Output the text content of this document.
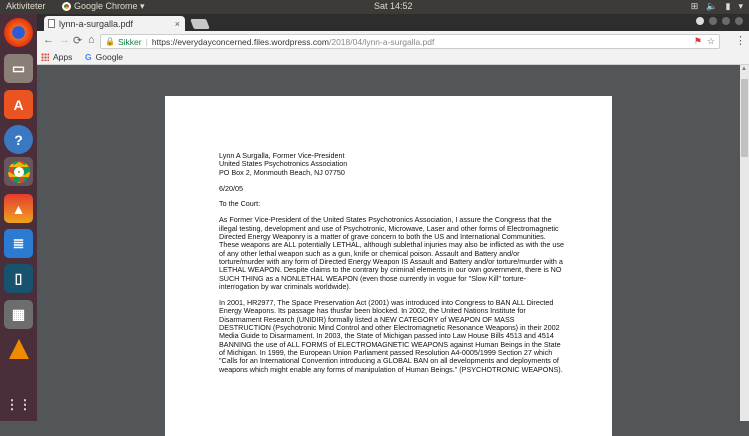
Aktiviteter	Google Chrome ▾	Sat 14:52	⊞ 🔈 ▮ ▾
▭
A
?
▲
≣
▯
▦
⋮⋮
lynn-a-surgalla.pdf	×
← → ⟳ ⌂ 🔒 Sikker | https://everydayconcerned.files.wordpress.com /2018/04/lynn-a-surgalla.pdf	⚑ ☆ ⋮
Apps G Google

Lynn A Surgalla, Former Vice-President
United States Psychotronics Association
PO Box 2, Monmouth Beach, NJ 07750

6/20/05

To the Court:

As Former Vice-President of the United States Psychotronics Association, I assure the Congress that the illegal testing, development and use of Psychotronic, Microwave, Laser and other forms of Electromagnetic Directed Energy Weaponry is a matter of grave concern to both the US and International Communities. These weapons are ALL potentially LETHAL, although sublethal injuries may also be inflicted as with the use of any other lethal weapon such as a gun, knife or chemical poison. Assault and Battery and/or torture/murder with any form of Directed Energy Weapon IS Assault and Battery and/or torture/murder with a LETHAL WEAPON. Despite claims to the contrary by criminal elements in our own government, there is NO SUCH THING as a NONLETHAL WEAPON (even those currently in vogue for "Slow Kill" torture-interrogation by war criminals worldwide).

In 2001, HR2977, The Space Preservation Act (2001) was introduced into Congress to BAN ALL Directed Energy Weapons. Its passage has thusfar been blocked. In 2002, the United Nations Institute for Disarmament Research (UNIDIR) formally listed a NEW CATEGORY of WEAPON OF MASS DESTRUCTION (Psychotronic Mind Control and other Electromagnetic Resonance Weapons) in their 2002 Media Guide to Disarmament. In 2003, the State of Michigan passed into Law House Bills 4513 and 4514 BANNING the use of ALL FORMS of ELECTROMAGNETIC WEAPONS against Human Beings in the State of Michigan. In 1999, the European Union Parliament passed Resolution A4-0005/1999 Section 27 which "Calls for an International Convention introducing a GLOBAL BAN on all developments and deployments of weapons which might enable any forms of manipulation of Human Beings." (PSYCHOTRONIC WEAPONS).

▲
